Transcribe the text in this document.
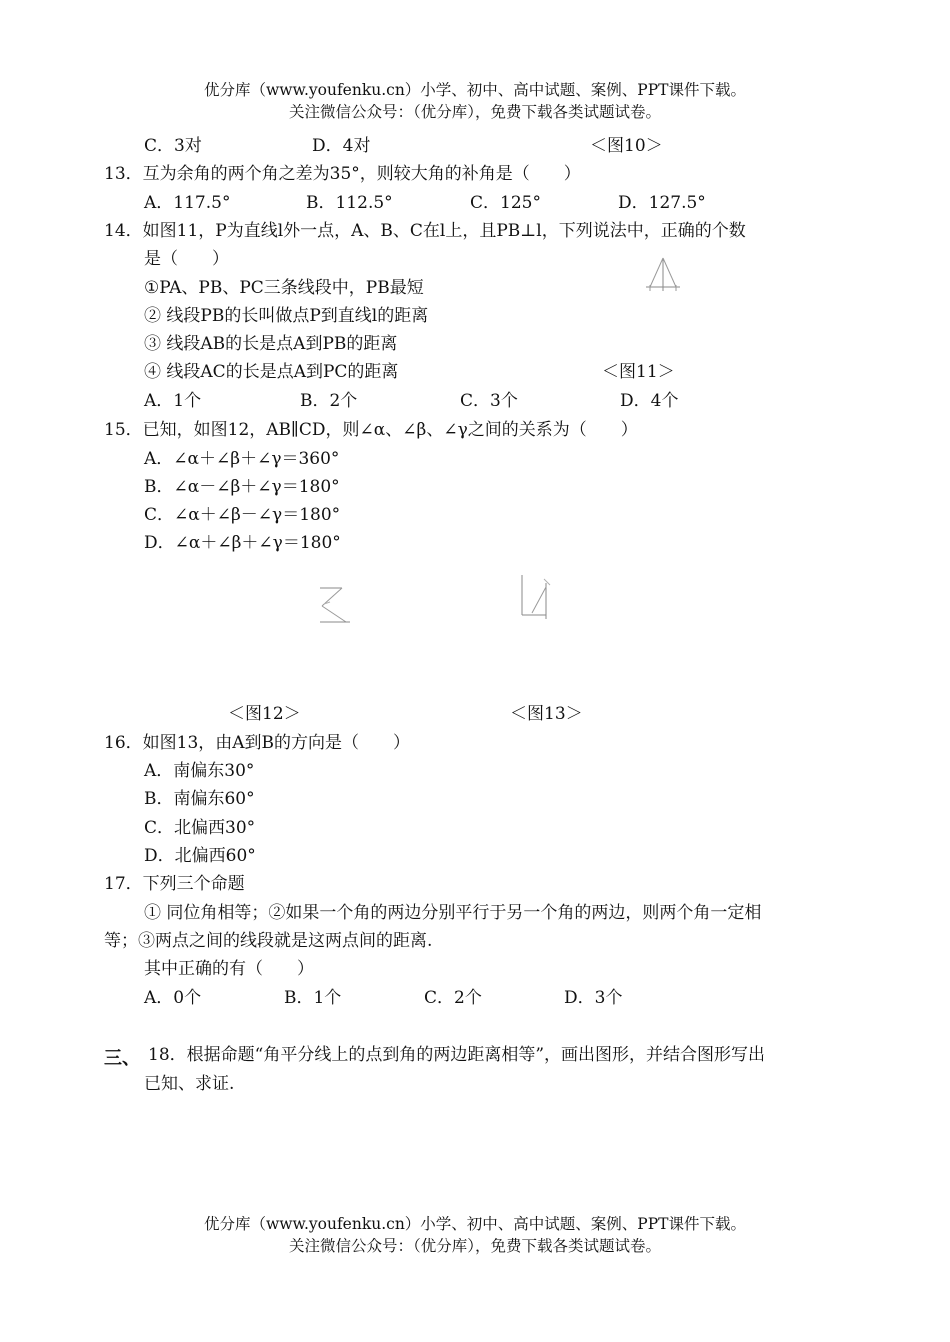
优分库（www.youfenku.cn）小学、初中、高中试题、案例、PPT课件下载。
关注微信公众号：（优分库），免费下载各类试题试卷。
C．3对	D．4对	＜图10＞
13．互为余角的两个角之差为35°，则较大角的补角是（　　）
A．117.5°	B．112.5°	C．125°	D．127.5°
14．如图11，P为直线l外一点，A、B、C在l上，且PB⊥l，下列说法中，正确的个数
是（　　）
①PA、PB、PC三条线段中，PB最短
② 线段PB的长叫做点P到直线l的距离
③ 线段AB的长是点A到PB的距离
④ 线段AC的长是点A到PC的距离	＜图11＞
A．1个	B．2个	C．3个	D．4个
15．已知，如图12，AB∥CD，则∠α、∠β、∠γ之间的关系为（　　）
A．∠α＋∠β＋∠γ＝360°
B．∠α－∠β＋∠γ＝180°
C．∠α＋∠β－∠γ＝180°
D．∠α＋∠β＋∠γ＝180°
＜图12＞	＜图13＞
16．如图13，由A到B的方向是（　　）
A．南偏东30°
B．南偏东60°
C．北偏西30°
D．北偏西60°
17．下列三个命题
① 同位角相等；②如果一个角的两边分别平行于另一个角的两边，则两个角一定相
等；③两点之间的线段就是这两点间的距离.
其中正确的有（　　）
A．0个	B．1个	C．2个	D．3个
三、 18．根据命题“角平分线上的点到角的两边距离相等”，画出图形，并结合图形写出
已知、求证.
优分库（www.youfenku.cn）小学、初中、高中试题、案例、PPT课件下载。
关注微信公众号：（优分库），免费下载各类试题试卷。
